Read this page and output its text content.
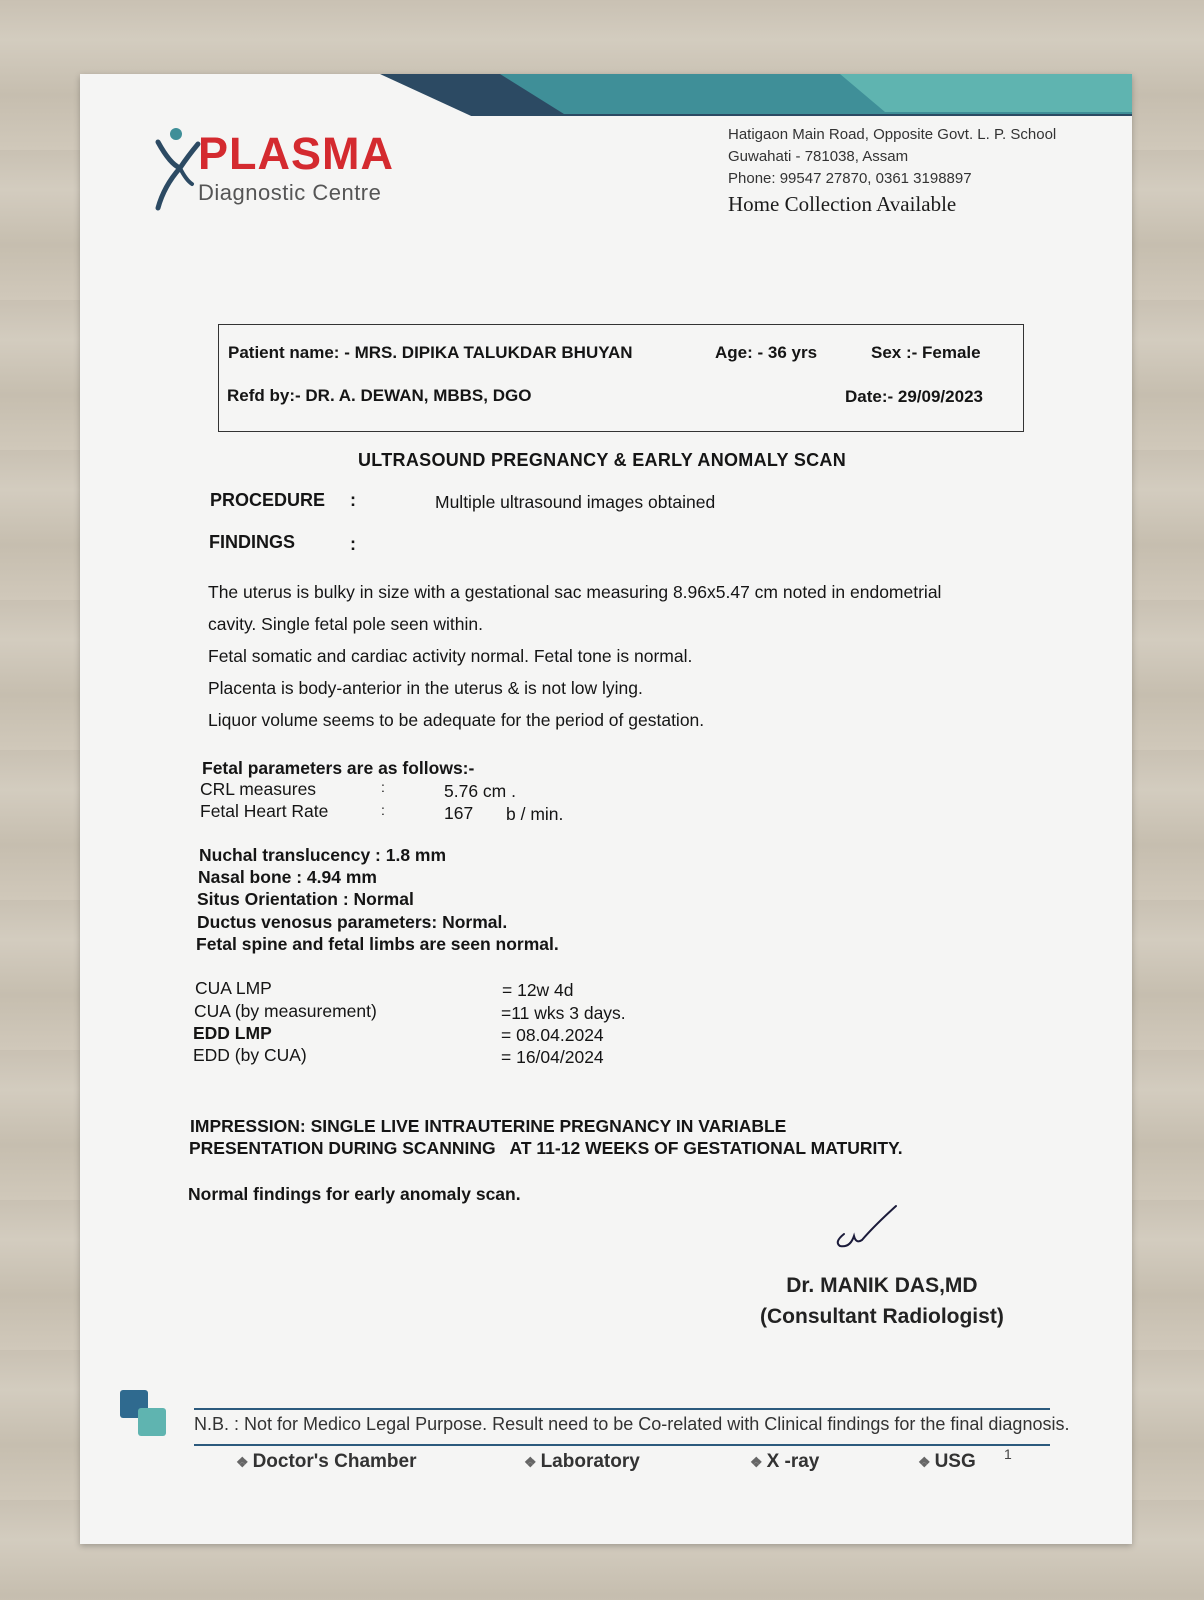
PLASMA
Diagnostic Centre
Hatigaon Main Road, Opposite Govt. L. P. School
Guwahati - 781038, Assam
Phone: 99547 27870, 0361 3198897
Home Collection Available
Patient name: - MRS. DIPIKA TALUKDAR BHUYAN	Age: - 36 yrs	Sex :- Female
Refd by:- DR. A. DEWAN, MBBS, DGO	Date:- 29/09/2023
ULTRASOUND PREGNANCY & EARLY ANOMALY SCAN
PROCEDURE :	Multiple ultrasound images obtained
FINDINGS	:
The uterus is bulky in size with a gestational sac measuring 8.96x5.47 cm noted in endometrial
cavity. Single fetal pole seen within.
Fetal somatic and cardiac activity normal. Fetal tone is normal.
Placenta is body-anterior in the uterus & is not low lying.
Liquor volume seems to be adequate for the period of gestation.
Fetal parameters are as follows:-
CRL measures	:	5.76 cm .
Fetal Heart Rate	:	167 b / min.
Nuchal translucency : 1.8 mm
Nasal bone : 4.94 mm
Situs Orientation : Normal
Ductus venosus parameters: Normal.
Fetal spine and fetal limbs are seen normal.
CUA LMP	= 12w 4d
CUA (by measurement)	=11 wks 3 days.
EDD LMP	= 08.04.2024
EDD (by CUA)	= 16/04/2024
IMPRESSION: SINGLE LIVE INTRAUTERINE PREGNANCY IN VARIABLE
PRESENTATION DURING SCANNING   AT 11-12 WEEKS OF GESTATIONAL MATURITY.
Normal findings for early anomaly scan.
Dr. MANIK DAS,MD
(Consultant Radiologist)
N.B. : Not for Medico Legal Purpose. Result need to be Co-related with Clinical findings for the final diagnosis.
❖ Doctor's Chamber	❖ Laboratory	❖ X -ray	❖ USG 1
